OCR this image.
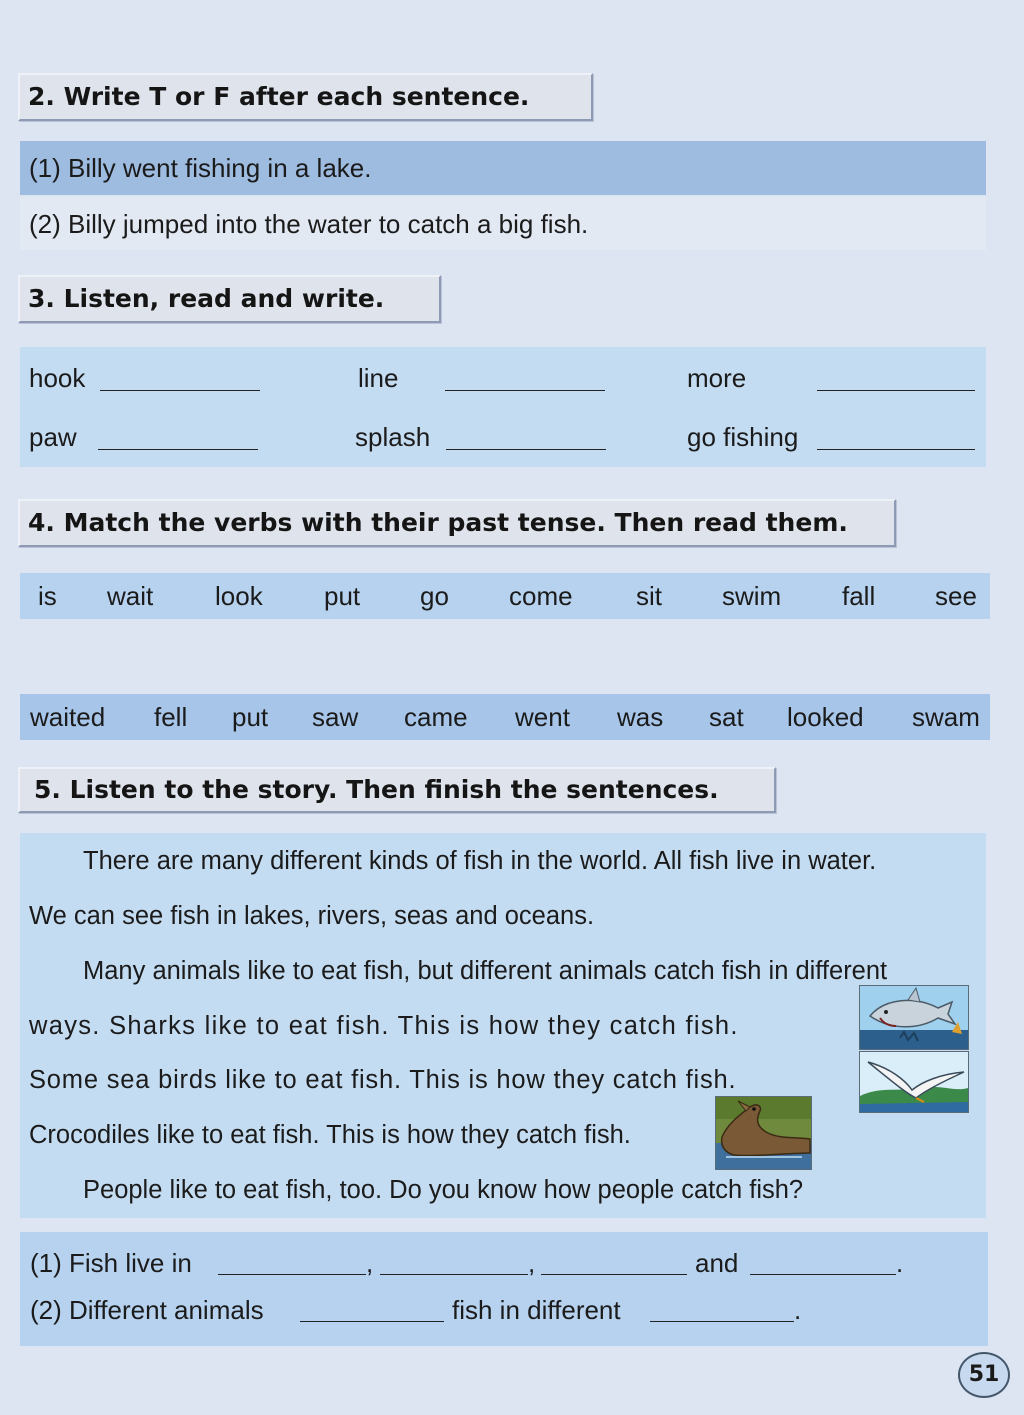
2. Write T or F after each sentence.
(1) Billy went fishing in a lake.
(2) Billy jumped into the water to catch a big fish.
3. Listen, read and write.
hook	line	more
paw	splash	go fishing
4. Match the verbs with their past tense. Then read them.
is wait look put go come sit swim fall see
waited fell put saw came went was sat looked swam
5. Listen to the story. Then finish the sentences.
There are many different kinds of fish in the world. All fish live in water.
We can see fish in lakes, rivers, seas and oceans.
Many animals like to eat fish, but different animals catch fish in different
ways. Sharks like to eat fish. This is how they catch fish.
Some sea birds like to eat fish. This is how they catch fish.
Crocodiles like to eat fish. This is how they catch fish.
People like to eat fish, too. Do you know how people catch fish?
(1) Fish live in	,	,	and	.
(2) Different animals	fish in different	.
51
